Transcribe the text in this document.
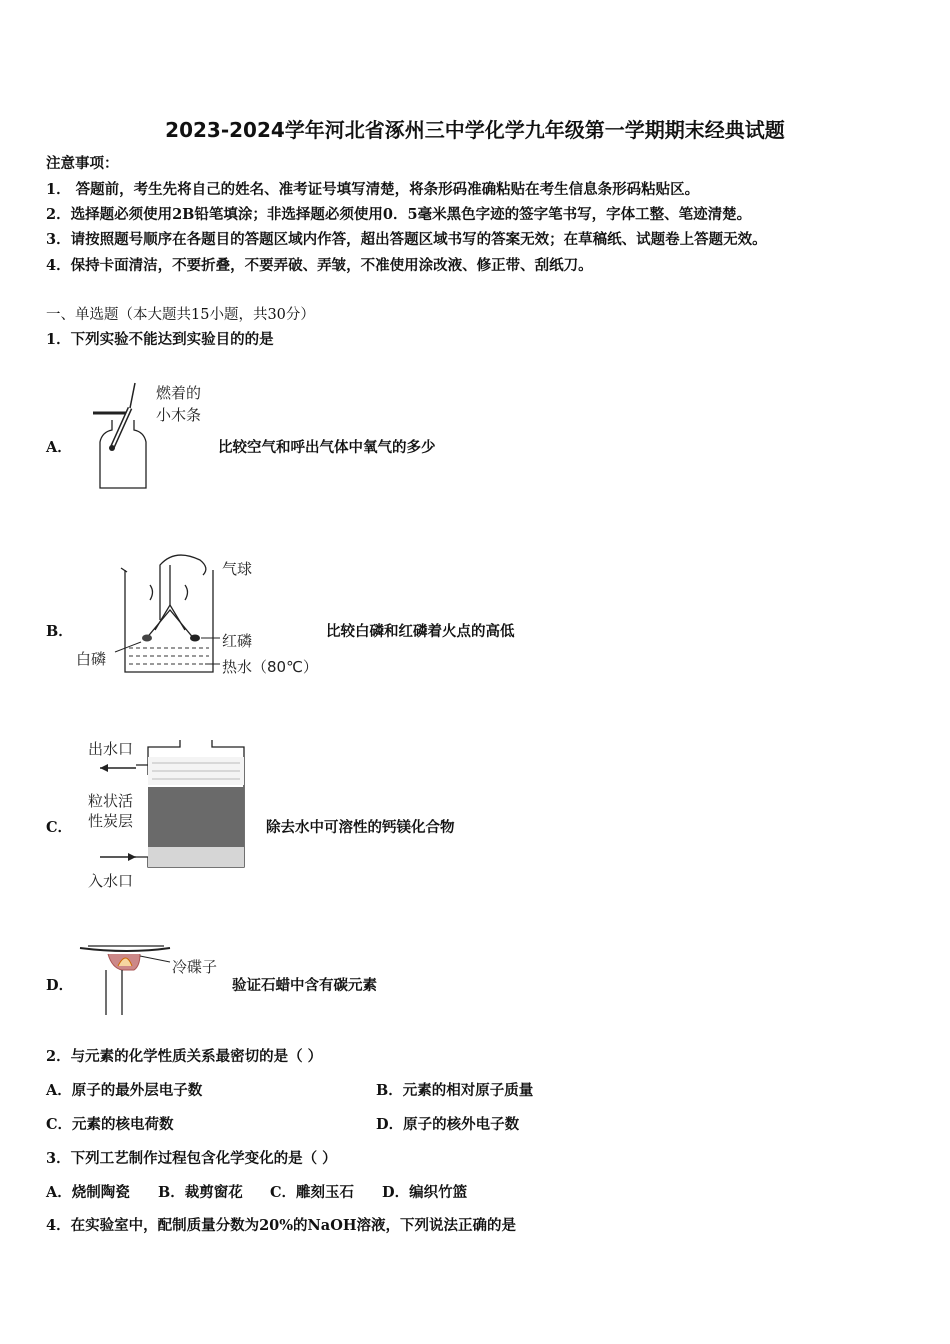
2023-2024学年河北省涿州三中学化学九年级第一学期期末经典试题
注意事项：
1． 答题前，考生先将自己的姓名、准考证号填写清楚，将条形码准确粘贴在考生信息条形码粘贴区。
2．选择题必须使用2B铅笔填涂；非选择题必须使用0．5毫米黑色字迹的签字笔书写，字体工整、笔迹清楚。
3．请按照题号顺序在各题目的答题区域内作答，超出答题区域书写的答案无效；在草稿纸、试题卷上答题无效。
4．保持卡面清洁，不要折叠，不要弄破、弄皱，不准使用涂改液、修正带、刮纸刀。
一、单选题（本大题共15小题，共30分）
1．下列实验不能达到实验目的的是
A．
燃着的
小木条
比较空气和呼出气体中氧气的多少
B．
气球
红磷
白磷	热水（80℃）
比较白磷和红磷着火点的高低
C．
出水口
粒状活
性炭层
入水口
除去水中可溶性的钙镁化合物
D．
冷碟子
验证石蜡中含有碳元素
2．与元素的化学性质关系最密切的是（ ）
A．原子的最外层电子数	B．元素的相对原子质量
C．元素的核电荷数	D．原子的核外电子数
3．下列工艺制作过程包含化学变化的是（ ）
A．烧制陶瓷 B．裁剪窗花 C．雕刻玉石 D．编织竹篮
4．在实验室中，配制质量分数为20%的NaOH溶液，下列说法正确的是
